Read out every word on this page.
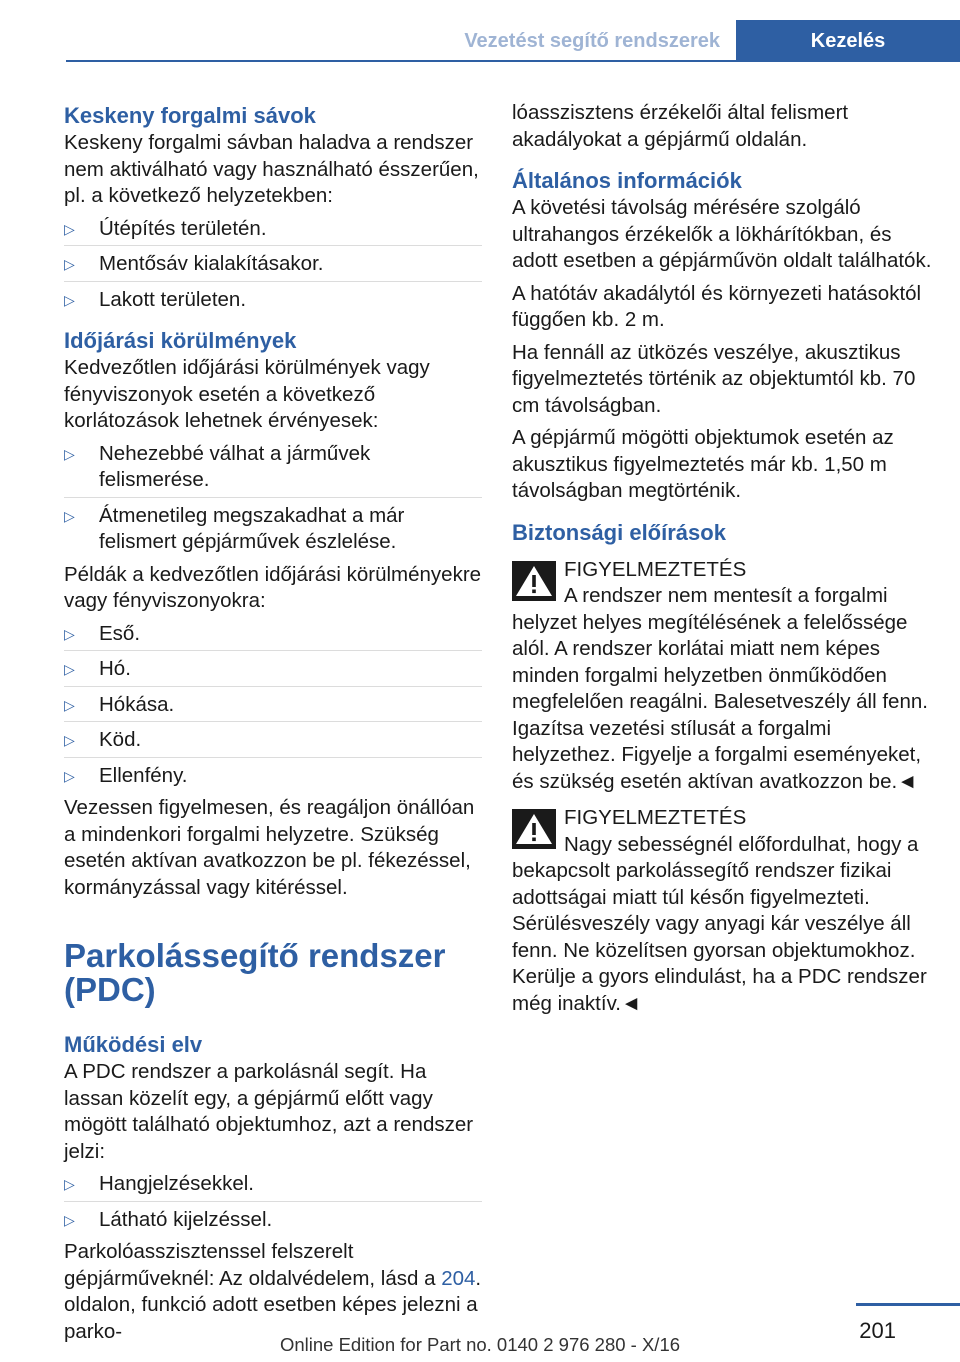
Vezetést segítő rendszerek	Kezelés
Keskeny forgalmi sávok

Keskeny forgalmi sávban haladva a rendszer nem aktiválható vagy használható ésszerűen, pl. a következő helyzetekben:

▷ Útépítés területén.
▷ Mentősáv kialakításakor.
▷ Lakott területen.
Időjárási körülmények

Kedvezőtlen időjárási körülmények vagy fényviszonyok esetén a következő korlátozások lehetnek érvényesek:

▷ Nehezebbé válhat a járművek felismerése.
▷ Átmenetileg megszakadhat a már felismert gépjárművek észlelése.

Példák a kedvezőtlen időjárási körülményekre vagy fényviszonyokra:

▷ Eső.
▷ Hó.
▷ Hókása.
▷ Köd.
▷ Ellenfény.

Vezessen figyelmesen, és reagáljon önállóan a mindenkori forgalmi helyzetre. Szükség esetén aktívan avatkozzon be pl. fékezéssel, kormányzással vagy kitéréssel.

Parkolássegítő rendszer (PDC)
Működési elv

A PDC rendszer a parkolásnál segít. Ha lassan közelít egy, a gépjármű előtt vagy mögött található objektumhoz, azt a rendszer jelzi:

▷ Hangjelzésekkel.
▷ Látható kijelzéssel.

Parkolóasszisztenssel felszerelt gépjárműveknél: Az oldalvédelem, lásd a 204. oldalon, funkció adott esetben képes jelezni a parko-

lóasszisztens érzékelői által felismert akadályokat a gépjármű oldalán.

Általános információk

A követési távolság mérésére szolgáló ultrahangos érzékelők a lökhárítókban, és adott esetben a gépjárművön oldalt találhatók.

A hatótáv akadálytól és környezeti hatásoktól függően kb. 2 m.

Ha fennáll az ütközés veszélye, akusztikus figyelmeztetés történik az objektumtól kb. 70 cm távolságban.

A gépjármű mögötti objektumok esetén az akusztikus figyelmeztetés már kb. 1,50 m távolságban megtörténik.

Biztonsági előírások
FIGYELMEZTETÉS

A rendszer nem mentesít a forgalmi helyzet helyes megítélésének a felelőssége alól. A rendszer korlátai miatt nem képes minden forgalmi helyzetben önműködően megfelelően reagálni. Balesetveszély áll fenn. Igazítsa vezetési stílusát a forgalmi helyzethez. Figyelje a forgalmi eseményeket, és szükség esetén aktívan avatkozzon be.◄

FIGYELMEZTETÉS

Nagy sebességnél előfordulhat, hogy a bekapcsolt parkolássegítő rendszer fizikai adottságai miatt túl későn figyelmezteti. Sérülésveszély vagy anyagi kár veszélye áll fenn. Ne közelítsen gyorsan objektumokhoz. Kerülje a gyors elindulást, ha a PDC rendszer még inaktív.◄

201
Online Edition for Part no. 0140 2 976 280 - X/16
